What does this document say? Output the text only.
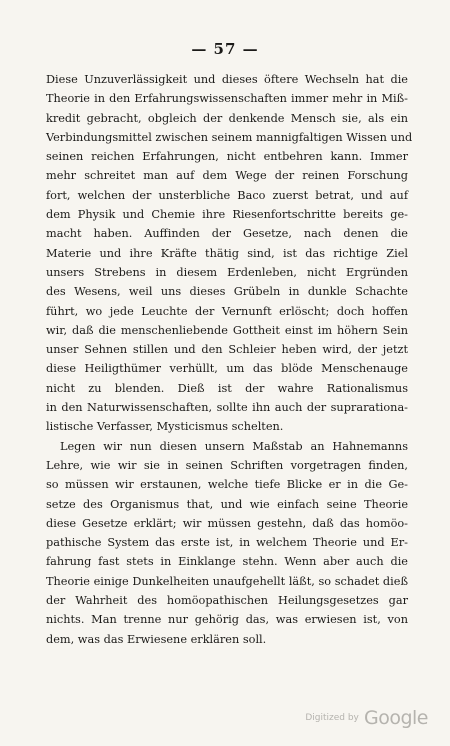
— 57 —
Diese Unzuverlässigkeit und dieses öftere Wechseln hat die
Theorie in den Erfahrungswissenschaften immer mehr in Miß-
kredit gebracht, obgleich der denkende Mensch sie, als ein
Verbindungsmittel zwischen seinem mannigfaltigen Wissen und
seinen reichen Erfahrungen, nicht entbehren kann. Immer
mehr schreitet man auf dem Wege der reinen Forschung
fort, welchen der unsterbliche Baco zuerst betrat, und auf
dem Physik und Chemie ihre Riesenfortschritte bereits ge-
macht haben. Auffinden der Gesetze, nach denen die
Materie und ihre Kräfte thätig sind, ist das richtige Ziel
unsers Strebens in diesem Erdenleben, nicht Ergründen
des Wesens, weil uns dieses Grübeln in dunkle Schachte
führt, wo jede Leuchte der Vernunft erlöscht; doch hoffen
wir, daß die menschenliebende Gottheit einst im höhern Sein
unser Sehnen stillen und den Schleier heben wird, der jetzt
diese Heiligthümer verhüllt, um das blöde Menschenauge
nicht zu blenden. Dieß ist der wahre Rationalismus
in den Naturwissenschaften, sollte ihn auch der suprarationa-
listische Verfasser, Mysticismus schelten.
Legen wir nun diesen unsern Maßstab an Hahnemanns
Lehre, wie wir sie in seinen Schriften vorgetragen finden,
so müssen wir erstaunen, welche tiefe Blicke er in die Ge-
setze des Organismus that, und wie einfach seine Theorie
diese Gesetze erklärt; wir müssen gestehn, daß das homöo-
pathische System das erste ist, in welchem Theorie und Er-
fahrung fast stets in Einklange stehn. Wenn aber auch die
Theorie einige Dunkelheiten unaufgehellt läßt, so schadet dieß
der Wahrheit des homöopathischen Heilungsgesetzes gar
nichts. Man trenne nur gehörig das, was erwiesen ist, von
dem, was das Erwiesene erklären soll.
Digitized by Google
